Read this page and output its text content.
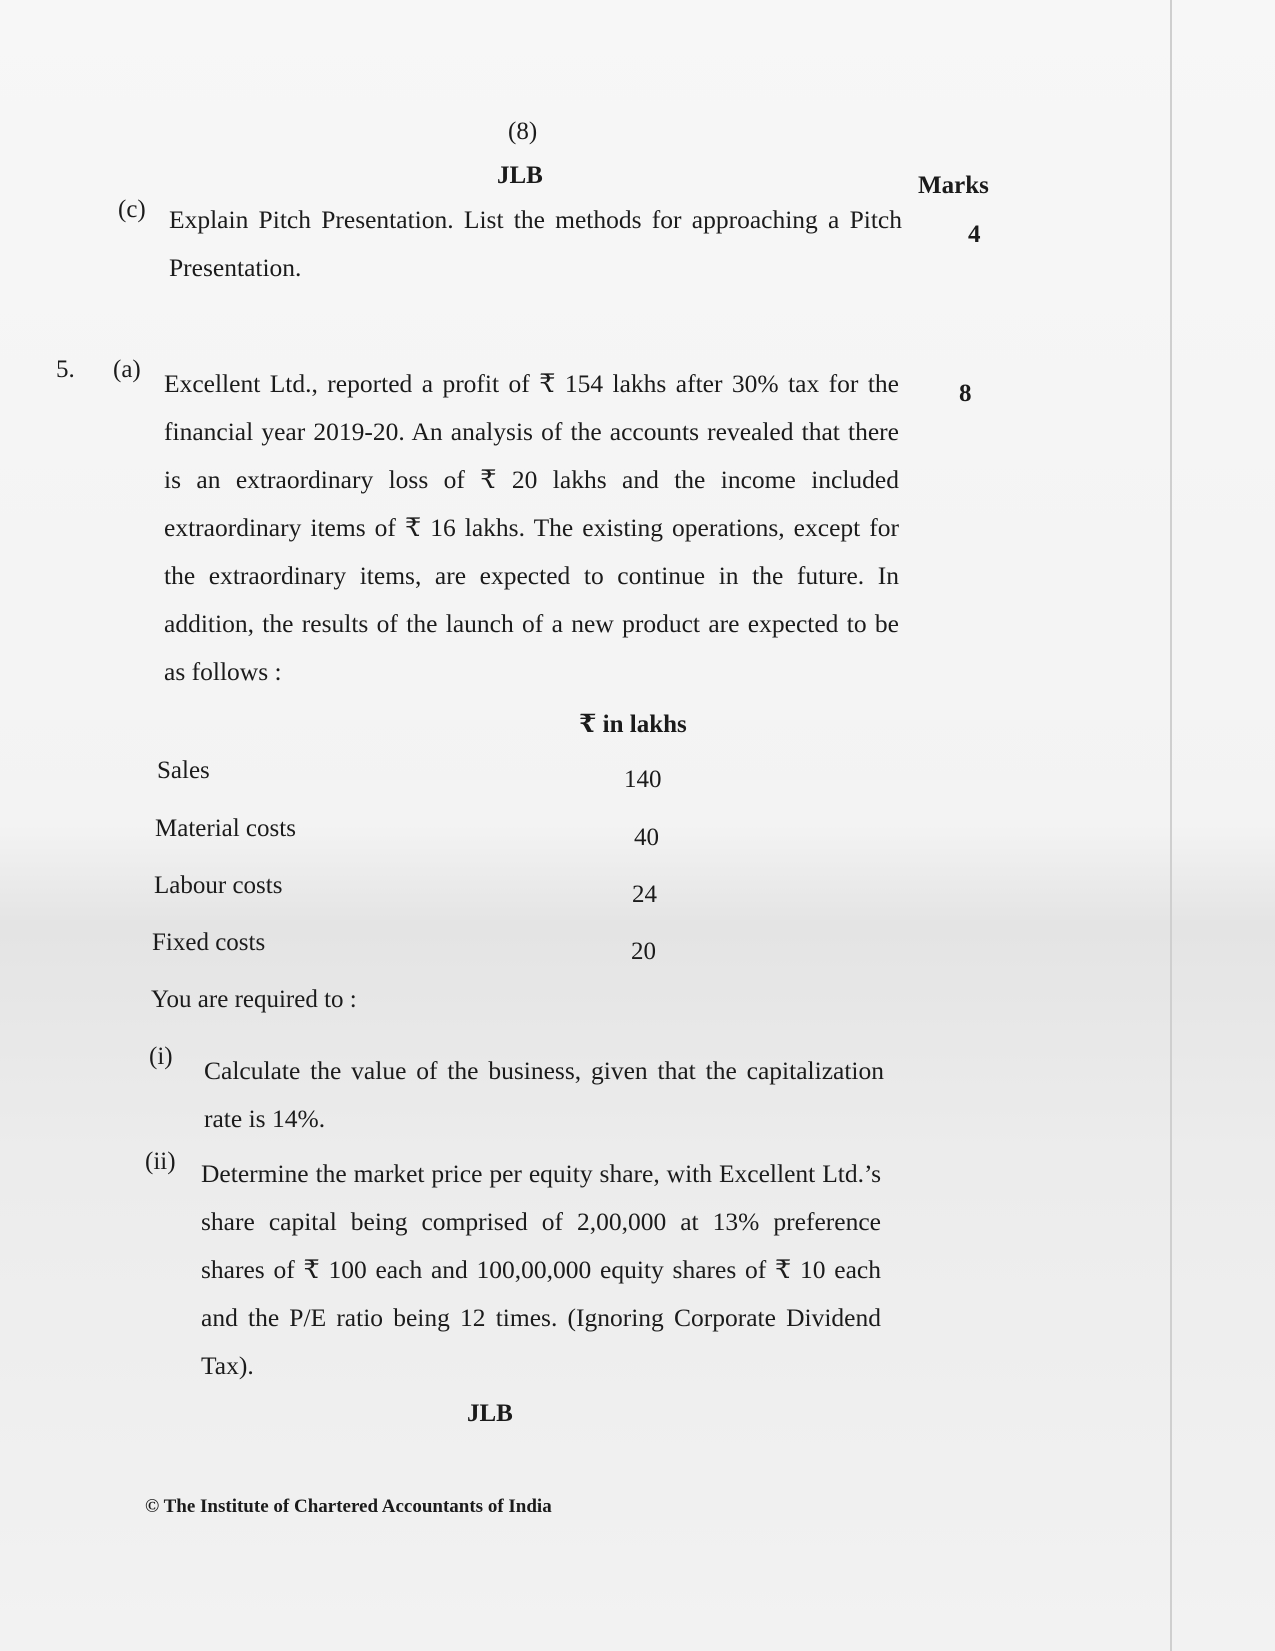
(8)
JLB	Marks
(c) Explain Pitch Presentation. List the methods for approaching a Pitch Presentation.
4
5. (a) Excellent Ltd., reported a profit of ₹ 154 lakhs after 30% tax for the financial year 2019-20. An analysis of the accounts revealed that there is an extraordinary loss of ₹ 20 lakhs and the income included extraordinary items of ₹ 16 lakhs. The existing operations, except for the extraordinary items, are expected to continue in the future. In addition, the results of the launch of a new product are expected to be as follows :
8
₹ in lakhs
Sales	140
Material costs	40
Labour costs	24
Fixed costs	20
You are required to :
(i) Calculate the value of the business, given that the capitalization rate is 14%.
(ii) Determine the market price per equity share, with Excellent Ltd.’s share capital being comprised of 2,00,000 at 13% preference shares of ₹ 100 each and 100,00,000 equity shares of ₹ 10 each and the P/E ratio being 12 times. (Ignoring Corporate Dividend Tax).
JLB
© The Institute of Chartered Accountants of India
